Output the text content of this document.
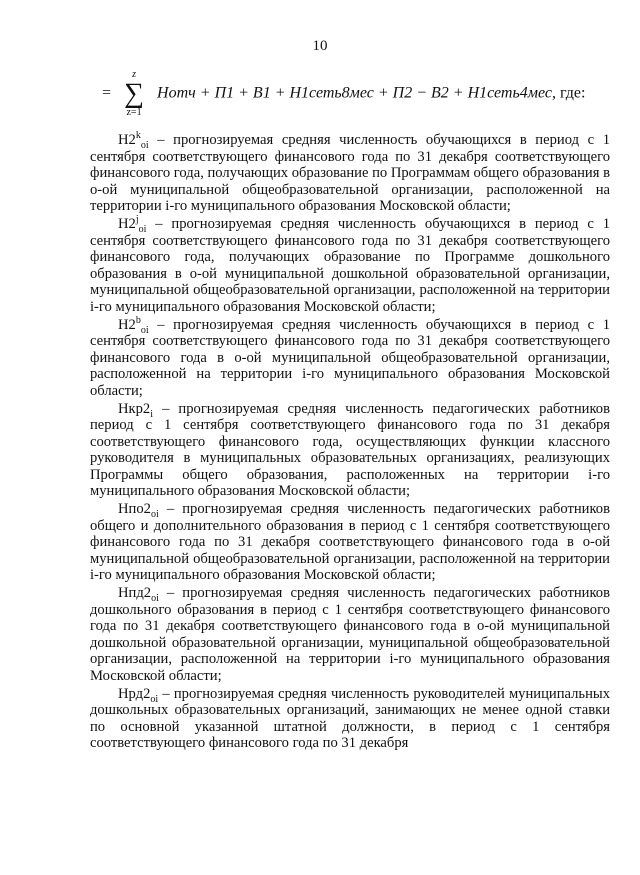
10
=
z
∑
z=1
Нотч + П1 + В1 + Н1сеть8мес + П2 − В2 + Н1сеть4мес, где:

$Н2^k_{oi}$ – прогнозируемая средняя численность обучающихся в период с 1 сентября соответствующего финансового года по 31 декабря соответствующего финансового года, получающих образование по Программам общего образования в о-ой муниципальной общеобразовательной организации, расположенной на территории i-го муниципального образования Московской области;

$Н2^j_{oi}$ – прогнозируемая средняя численность обучающихся в период с 1 сентября соответствующего финансового года по 31 декабря соответствующего финансового года, получающих образование по Программе дошкольного образования в о-ой муниципальной дошкольной образовательной организации, муниципальной общеобразовательной организации, расположенной на территории i-го муниципального образования Московской области;

$Н2^b_{oi}$ – прогнозируемая средняя численность обучающихся в период с 1 сентября соответствующего финансового года по 31 декабря соответствующего финансового года в о-ой муниципальной общеобразовательной организации, расположенной на территории i-го муниципального образования Московской области;

$Нкр2_i$ – прогнозируемая средняя численность педагогических работников период с 1 сентября соответствующего финансового года по 31 декабря соответствующего финансового года, осуществляющих функции классного руководителя в муниципальных образовательных организациях, реализующих Программы общего образования, расположенных на территории i-го муниципального образования Московской области;

$Нпо2_{oi}$ – прогнозируемая средняя численность педагогических работников общего и дополнительного образования в период с 1 сентября соответствующего финансового года по 31 декабря соответствующего финансового года в о-ой муниципальной общеобразовательной организации, расположенной на территории i-го муниципального образования Московской области;

$Нпд2_{oi}$ – прогнозируемая средняя численность педагогических работников дошкольного образования в период с 1 сентября соответствующего финансового года по 31 декабря соответствующего финансового года в о-ой муниципальной дошкольной образовательной организации, муниципальной общеобразовательной организации, расположенной на территории i-го муниципального образования Московской области;

$Нрд2_{oi}$ – прогнозируемая средняя численность руководителей муниципальных дошкольных образовательных организаций, занимающих не менее одной ставки по основной указанной штатной должности, в период с 1 сентября соответствующего финансового года по 31 декабря
